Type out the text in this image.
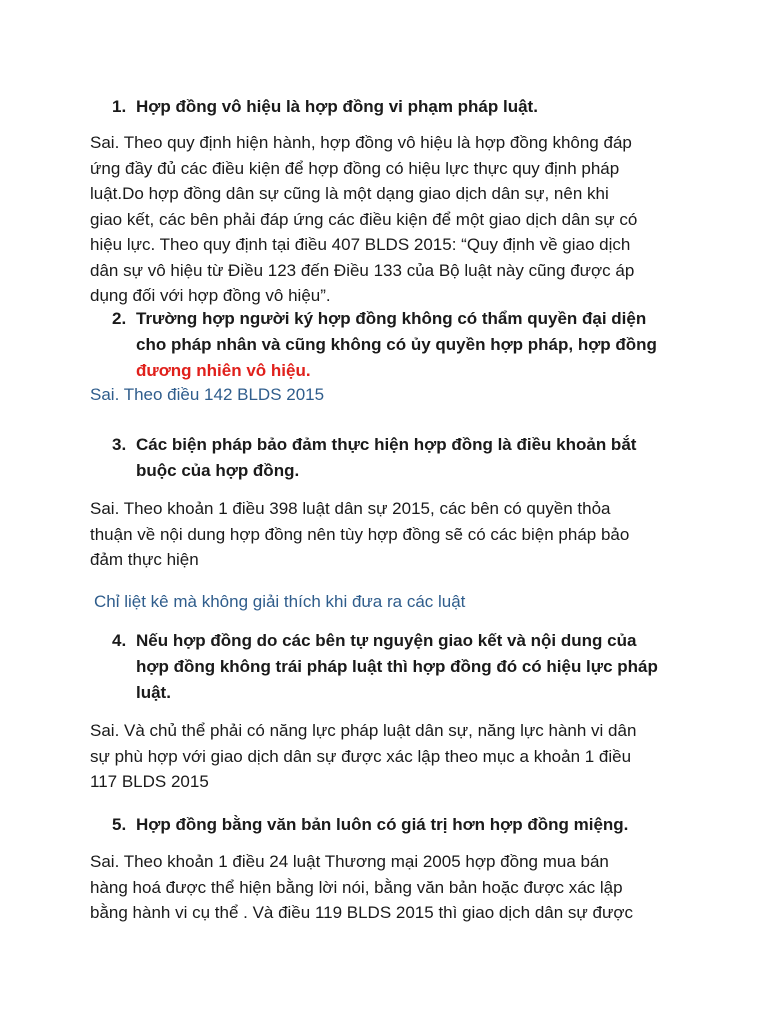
1. Hợp đồng vô hiệu là hợp đồng vi phạm pháp luật.
Sai. Theo quy định hiện hành, hợp đồng vô hiệu là hợp đồng không đáp
ứng đầy đủ các điều kiện để hợp đồng có hiệu lực thực quy định pháp
luật.Do hợp đồng dân sự cũng là một dạng giao dịch dân sự, nên khi
giao kết, các bên phải đáp ứng các điều kiện để một giao dịch dân sự có
hiệu lực. Theo quy định tại điều 407 BLDS 2015: “Quy định về giao dịch
dân sự vô hiệu từ Điều 123 đến Điều 133 của Bộ luật này cũng được áp
dụng đối với hợp đồng vô hiệu”.
2. Trường hợp người ký hợp đồng không có thẩm quyền đại diện
cho pháp nhân và cũng không có ủy quyền hợp pháp, hợp đồng
đương nhiên vô hiệu.

Sai. Theo điều 142 BLDS 2015

3. Các biện pháp bảo đảm thực hiện hợp đồng là điều khoản bắt
buộc của hợp đồng.
Sai. Theo khoản 1 điều 398 luật dân sự 2015, các bên có quyền thỏa
thuận về nội dung hợp đồng nên tùy hợp đồng sẽ có các biện pháp bảo
đảm thực hiện

Chỉ liệt kê mà không giải thích khi đưa ra các luật

4. Nếu hợp đồng do các bên tự nguyện giao kết và nội dung của
hợp đồng không trái pháp luật thì hợp đồng đó có hiệu lực pháp
luật.
Sai. Và chủ thể phải có năng lực pháp luật dân sự, năng lực hành vi dân
sự phù hợp với giao dịch dân sự được xác lập theo mục a khoản 1 điều
117 BLDS 2015
5. Hợp đồng bằng văn bản luôn có giá trị hơn hợp đồng miệng.
Sai. Theo khoản 1 điều 24 luật Thương mại 2005 hợp đồng mua bán
hàng hoá được thể hiện bằng lời nói, bằng văn bản hoặc được xác lập
bằng hành vi cụ thể . Và điều 119 BLDS 2015 thì giao dịch dân sự được
